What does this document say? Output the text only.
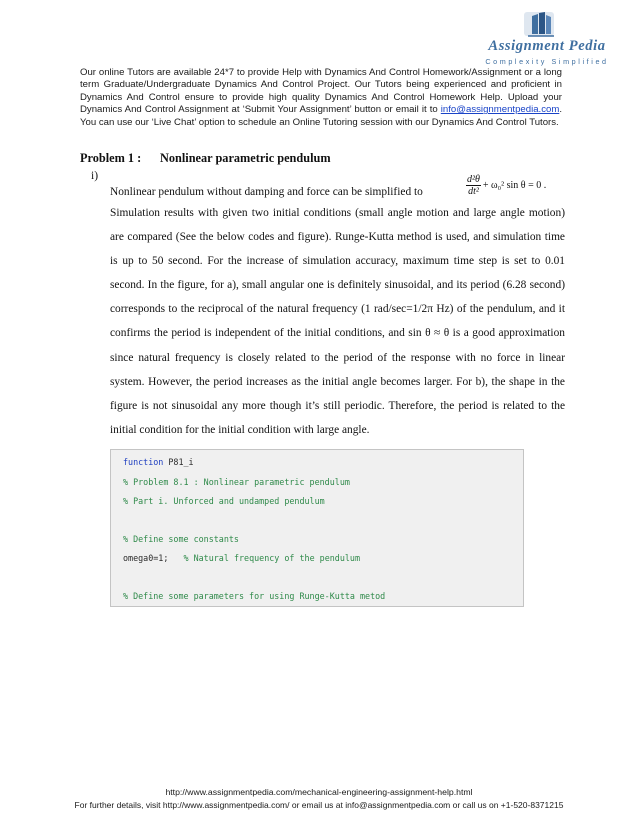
Assignment Pedia
Complexity Simplified
Our online Tutors are available 24*7 to provide Help with Dynamics And Control Homework/Assignment or a long term Graduate/Undergraduate Dynamics And Control Project. Our Tutors being experienced and proficient in Dynamics And Control ensure to provide high quality Dynamics And Control Homework Help. Upload your Dynamics And Control Assignment at ‘Submit Your Assignment’ button or email it to info@assignmentpedia.com. You can use our ‘Live Chat’ option to schedule an Online Tutoring session with our Dynamics And Control Tutors.
Problem 1 : Nonlinear parametric pendulum
i)
Nonlinear pendulum without damping and force can be simplified to	$\frac{\text{d²θ}}{\text{dt²}} + \omega_0^2$ sin θ = 0 .
Simulation results with given two initial conditions (small angle motion and large angle motion) are compared (See the below codes and figure). Runge-Kutta method is used, and simulation time is up to 50 second. For the increase of simulation accuracy, maximum time step is set to 0.01 second. In the figure, for a), small angular one is definitely sinusoidal, and its period (6.28 second) corresponds to the reciprocal of the natural frequency (1 rad/sec=1/2π Hz) of the pendulum, and it confirms the period is independent of the initial conditions, and sin θ ≈ θ is a good approximation since natural frequency is closely related to the period of the response with no force in linear system. However, the period increases as the initial angle becomes larger. For b), the shape in the figure is not sinusoidal any more though it’s still periodic. Therefore, the period is related to the initial condition for the initial condition with large angle.
function P81_i
% Problem 8.1 : Nonlinear parametric pendulum
% Part i. Unforced and undamped pendulum
% Define some constants
omega0=1;   % Natural frequency of the pendulum
% Define some parameters for using Runge-Kutta metod
http://www.assignmentpedia.com/mechanical-engineering-assignment-help.html
For further details, visit http://www.assignmentpedia.com/ or email us at info@assignmentpedia.com or call us on +1-520-8371215
